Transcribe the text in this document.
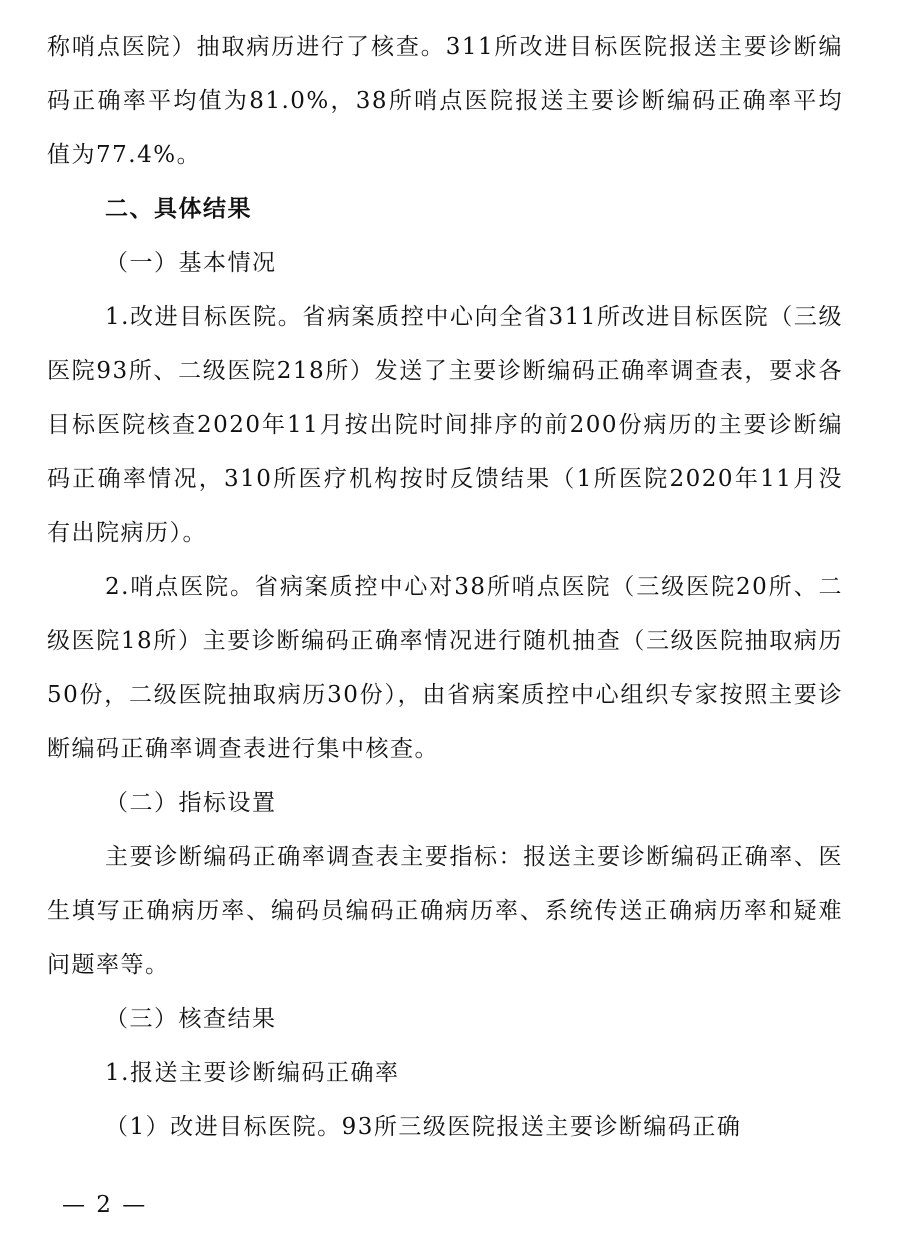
称哨点医院）抽取病历进行了核查。311所改进目标医院报送主要诊断编码正确率平均值为81.0%，38所哨点医院报送主要诊断编码正确率平均值为77.4%。

二、具体结果

（一）基本情况

1.改进目标医院。省病案质控中心向全省311所改进目标医院（三级医院93所、二级医院218所）发送了主要诊断编码正确率调查表，要求各目标医院核查2020年11月按出院时间排序的前200份病历的主要诊断编码正确率情况，310所医疗机构按时反馈结果（1所医院2020年11月没有出院病历）。

2.哨点医院。省病案质控中心对38所哨点医院（三级医院20所、二级医院18所）主要诊断编码正确率情况进行随机抽查（三级医院抽取病历50份，二级医院抽取病历30份），由省病案质控中心组织专家按照主要诊断编码正确率调查表进行集中核查。

（二）指标设置

主要诊断编码正确率调查表主要指标：报送主要诊断编码正确率、医生填写正确病历率、编码员编码正确病历率、系统传送正确病历率和疑难问题率等。

（三）核查结果

1.报送主要诊断编码正确率

（1）改进目标医院。93所三级医院报送主要诊断编码正确

— 2 —
